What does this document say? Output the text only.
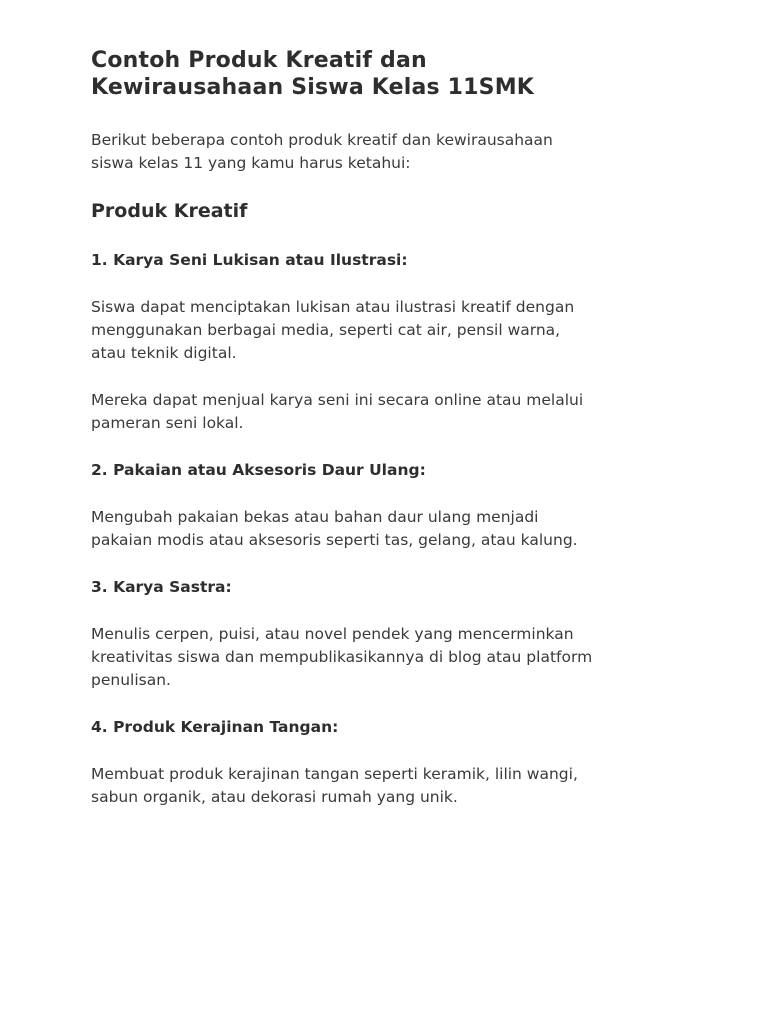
Contoh Produk Kreatif dan
Kewirausahaan Siswa Kelas 11SMK

Berikut beberapa contoh produk kreatif dan kewirausahaan
siswa kelas 11 yang kamu harus ketahui:

Produk Kreatif

1. Karya Seni Lukisan atau Ilustrasi:

Siswa dapat menciptakan lukisan atau ilustrasi kreatif dengan
menggunakan berbagai media, seperti cat air, pensil warna,
atau teknik digital.

Mereka dapat menjual karya seni ini secara online atau melalui
pameran seni lokal.

2. Pakaian atau Aksesoris Daur Ulang:

Mengubah pakaian bekas atau bahan daur ulang menjadi
pakaian modis atau aksesoris seperti tas, gelang, atau kalung.

3. Karya Sastra:

Menulis cerpen, puisi, atau novel pendek yang mencerminkan
kreativitas siswa dan mempublikasikannya di blog atau platform
penulisan.

4. Produk Kerajinan Tangan:

Membuat produk kerajinan tangan seperti keramik, lilin wangi,
sabun organik, atau dekorasi rumah yang unik.
